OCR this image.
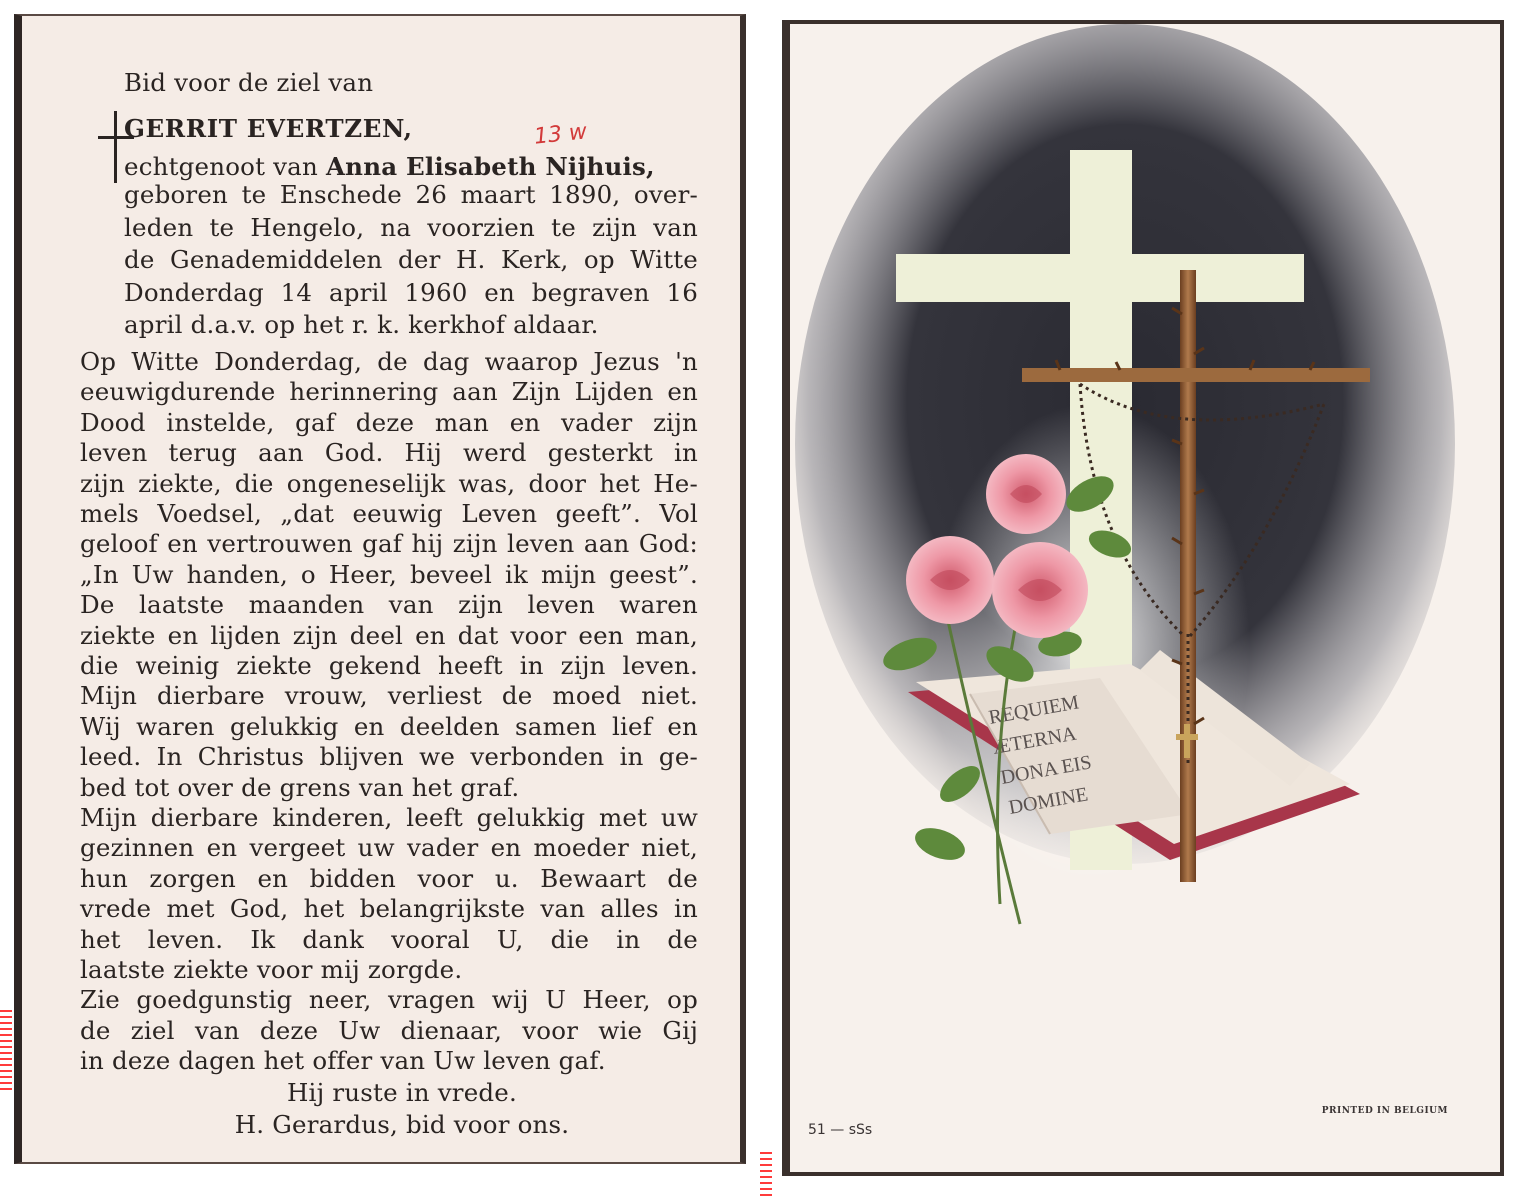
Bid voor de ziel van
GERRIT EVERTZEN,	13 w
echtgenoot van Anna Elisabeth Nijhuis,
geboren te Enschede 26 maart 1890, over-
leden te Hengelo, na voorzien te zijn van
de Genademiddelen der H. Kerk, op Witte
Donderdag 14 april 1960 en begraven 16
april d.a.v. op het r. k. kerkhof aldaar.
Op Witte Donderdag, de dag waarop Jezus 'n
eeuwigdurende herinnering aan Zijn Lijden en
Dood instelde, gaf deze man en vader zijn
leven terug aan God. Hij werd gesterkt in
zijn ziekte, die ongeneselijk was, door het He-
mels Voedsel, „dat eeuwig Leven geeft”. Vol
geloof en vertrouwen gaf hij zijn leven aan God:
„In Uw handen, o Heer, beveel ik mijn geest”.
De laatste maanden van zijn leven waren
ziekte en lijden zijn deel en dat voor een man,
die weinig ziekte gekend heeft in zijn leven.
Mijn dierbare vrouw, verliest de moed niet.
Wij waren gelukkig en deelden samen lief en
leed. In Christus blijven we verbonden in ge-
bed tot over de grens van het graf.
Mijn dierbare kinderen, leeft gelukkig met uw
gezinnen en vergeet uw vader en moeder niet,
hun zorgen en bidden voor u. Bewaart de
vrede met God, het belangrijkste van alles in
het leven. Ik dank vooral U, die in de
laatste ziekte voor mij zorgde.
Zie goedgunstig neer, vragen wij U Heer, op
de ziel van deze Uw dienaar, voor wie Gij
in deze dagen het offer van Uw leven gaf.
Hij ruste in vrede.
H. Gerardus, bid voor ons.
REQUIEM
ÆTERNA
DONA EIS
DOMINE
51 — sSs
PRINTED IN BELGIUM
